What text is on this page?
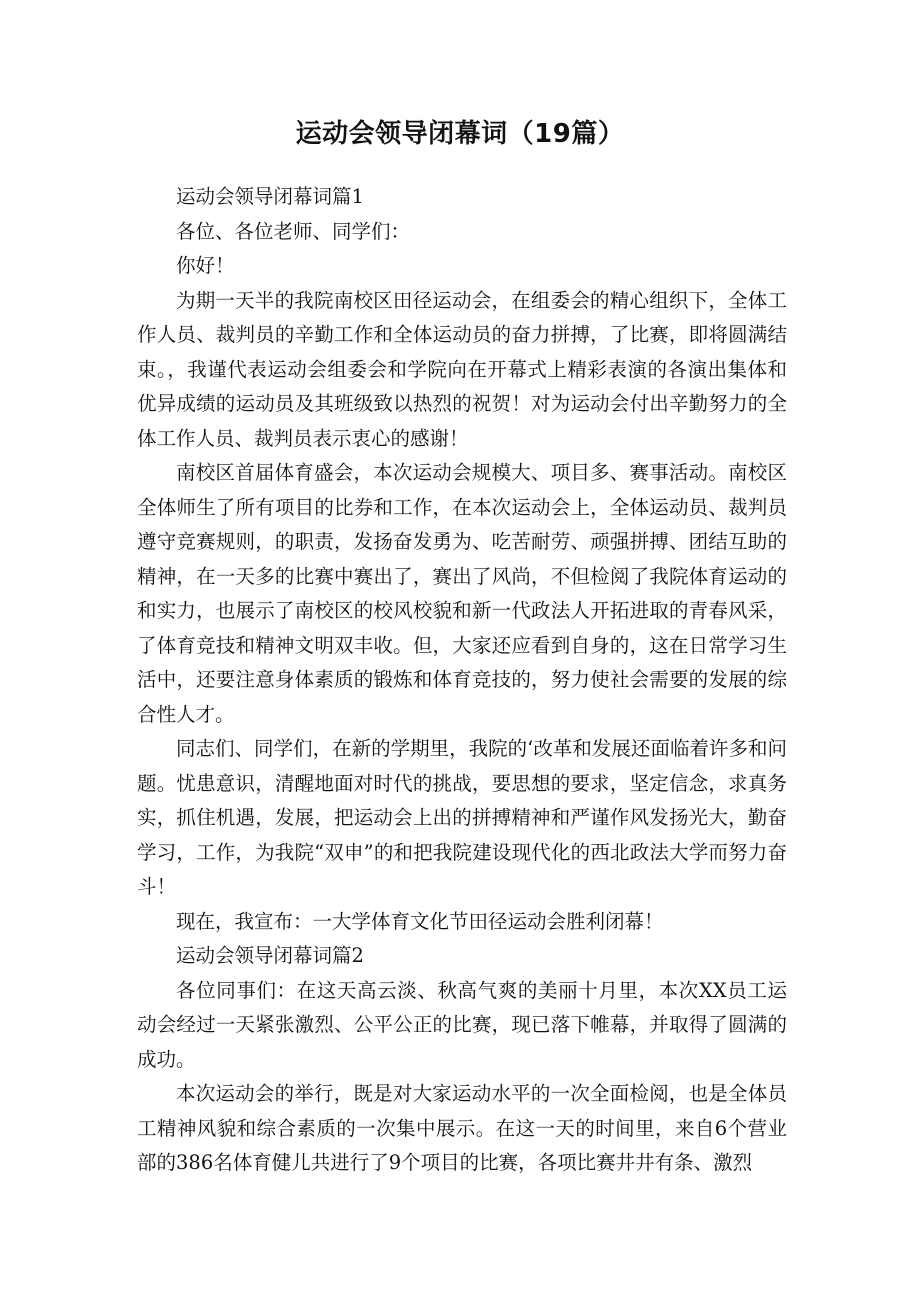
运动会领导闭幕词（19篇）

运动会领导闭幕词篇1

各位、各位老师、同学们：

你好！

为期一天半的我院南校区田径运动会，在组委会的精心组织下，全体工作人员、裁判员的辛勤工作和全体运动员的奋力拼搏，了比赛，即将圆满结束。，我谨代表运动会组委会和学院向在开幕式上精彩表演的各演出集体和优异成绩的运动员及其班级致以热烈的祝贺！对为运动会付出辛勤努力的全体工作人员、裁判员表示衷心的感谢！

南校区首届体育盛会，本次运动会规模大、项目多、赛事活动。南校区全体师生了所有项目的比券和工作，在本次运动会上，全体运动员、裁判员遵守竞赛规则，的职责，发扬奋发勇为、吃苦耐劳、顽强拼搏、团结互助的精神，在一天多的比赛中赛出了，赛出了风尚，不但检阅了我院体育运动的和实力，也展示了南校区的校风校貌和新一代政法人开拓进取的青春风采，了体育竞技和精神文明双丰收。但，大家还应看到自身的，这在日常学习生活中，还要注意身体素质的锻炼和体育竞技的，努力使社会需要的发展的综合性人才。

同志们、同学们，在新的学期里，我院的‘改革和发展还面临着许多和问题。忧患意识，清醒地面对时代的挑战，要思想的要求，坚定信念，求真务实，抓住机遇，发展，把运动会上出的拼搏精神和严谨作风发扬光大，勤奋学习，工作，为我院“双申”的和把我院建设现代化的西北政法大学而努力奋斗！

现在，我宣布：一大学体育文化节田径运动会胜利闭幕！

运动会领导闭幕词篇2

各位同事们：在这天高云淡、秋高气爽的美丽十月里，本次XX员工运动会经过一天紧张激烈、公平公正的比赛，现已落下帷幕，并取得了圆满的成功。

本次运动会的举行，既是对大家运动水平的一次全面检阅，也是全体员工精神风貌和综合素质的一次集中展示。在这一天的时间里，来自6个营业部的386名体育健儿共进行了9个项目的比赛，各项比赛井井有条、激烈
